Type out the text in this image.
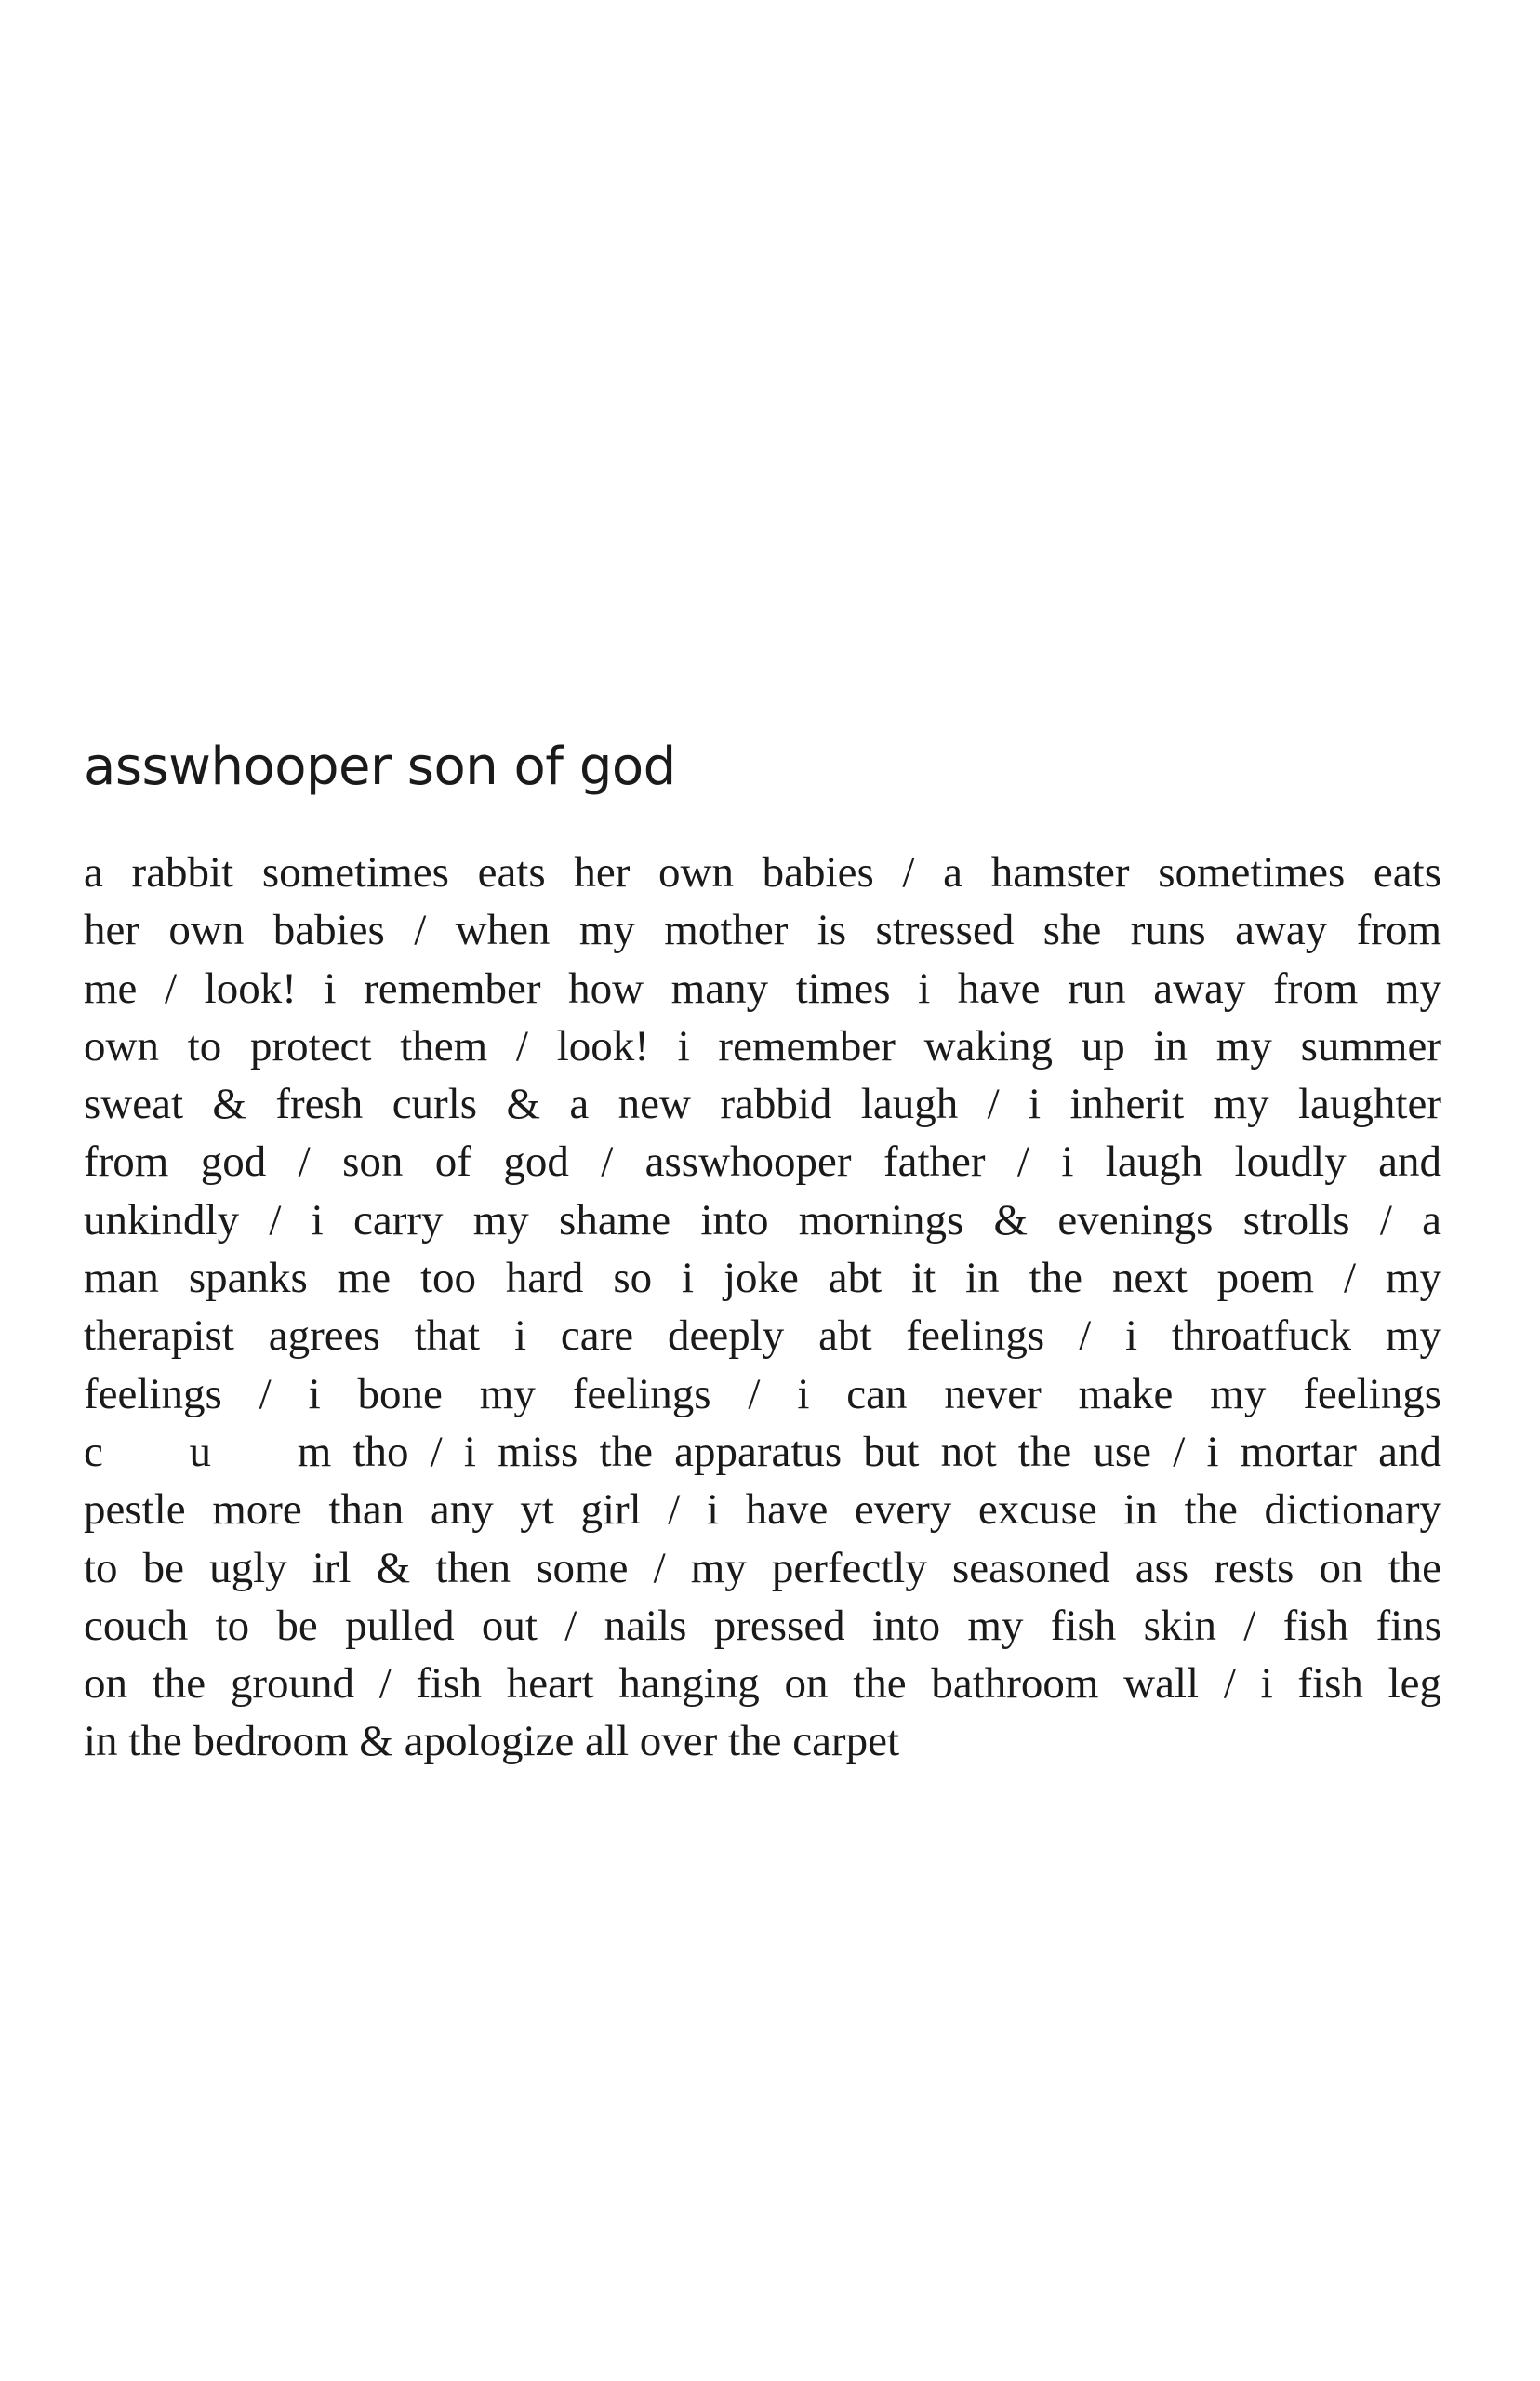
asswhooper son of god
a rabbit sometimes eats her own babies / a hamster sometimes eats
her own babies / when my mother is stressed she runs away from
me / look! i remember how many times i have run away from my
own to protect them / look! i remember waking up in my summer
sweat & fresh curls & a new rabbid laugh / i inherit my laughter
from god / son of god / asswhooper father / i laugh loudly and
unkindly / i carry my shame into mornings & evenings strolls / a
man spanks me too hard so i joke abt it in the next poem / my
therapist agrees that i care deeply abt feelings / i throatfuck my
feelings / i bone my feelings / i can never make my feelings
c    u    m tho / i miss the apparatus but not the use / i mortar and
pestle more than any yt girl / i have every excuse in the dictionary
to be ugly irl & then some / my perfectly seasoned ass rests on the
couch to be pulled out / nails pressed into my fish skin / fish fins
on the ground / fish heart hanging on the bathroom wall / i fish leg
in the bedroom & apologize all over the carpet
